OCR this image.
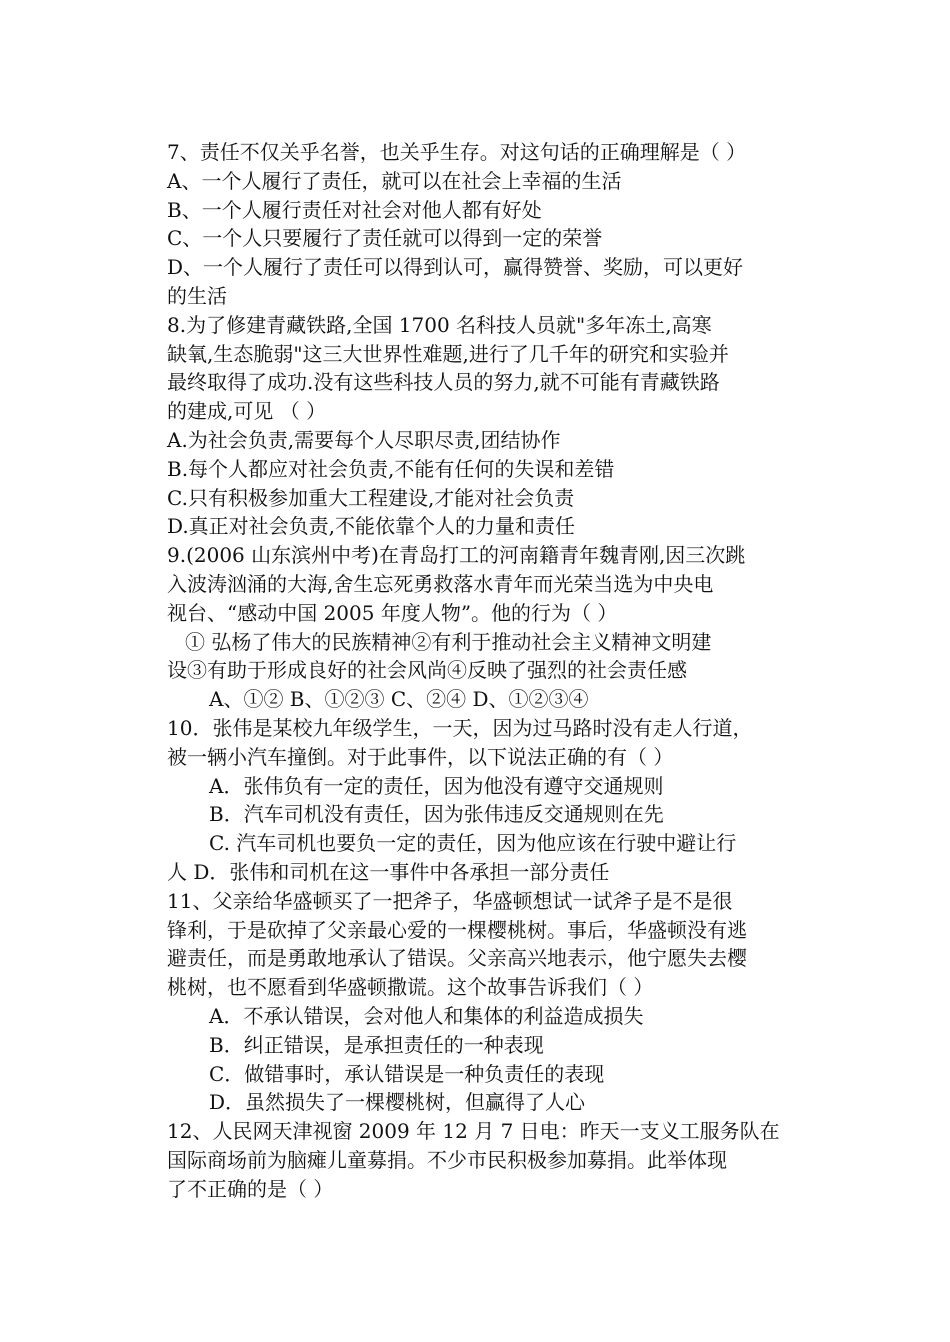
7、责任不仅关乎名誉，也关乎生存。对这句话的正确理解是（ ）
A、一个人履行了责任，就可以在社会上幸福的生活
B、一个人履行责任对社会对他人都有好处
C、一个人只要履行了责任就可以得到一定的荣誉
D、一个人履行了责任可以得到认可，赢得赞誉、奖励，可以更好
的生活
8.为了修建青藏铁路,全国 1700 名科技人员就"多年冻土,高寒
缺氧,生态脆弱"这三大世界性难题,进行了几千年的研究和实验并
最终取得了成功.没有这些科技人员的努力,就不可能有青藏铁路
的建成,可见 （ ）
A.为社会负责,需要每个人尽职尽责,团结协作
B.每个人都应对社会负责,不能有任何的失误和差错
C.只有积极参加重大工程建设,才能对社会负责
D.真正对社会负责,不能依靠个人的力量和责任
9.(2006 山东滨州中考)在青岛打工的河南籍青年魏青刚,因三次跳
入波涛汹涌的大海,舍生忘死勇救落水青年而光荣当选为中央电
视台、“感动中国 2005 年度人物”。他的行为（ ）
① 弘杨了伟大的民族精神②有利于推动社会主义精神文明建
设③有助于形成良好的社会风尚④反映了强烈的社会责任感
A、①② B、①②③ C、②④ D、①②③④
10．张伟是某校九年级学生，一天，因为过马路时没有走人行道，
被一辆小汽车撞倒。对于此事件，以下说法正确的有（ ）
A．张伟负有一定的责任，因为他没有遵守交通规则
B．汽车司机没有责任，因为张伟违反交通规则在先
C. 汽车司机也要负一定的责任，因为他应该在行驶中避让行
人 D．张伟和司机在这一事件中各承担一部分责任
11、父亲给华盛顿买了一把斧子，华盛顿想试一试斧子是不是很
锋利，于是砍掉了父亲最心爱的一棵樱桃树。事后，华盛顿没有逃
避责任，而是勇敢地承认了错误。父亲高兴地表示，他宁愿失去樱
桃树，也不愿看到华盛顿撒谎。这个故事告诉我们（ ）
A．不承认错误，会对他人和集体的利益造成损失
B．纠正错误，是承担责任的一种表现
C．做错事时，承认错误是一种负责任的表现
D．虽然损失了一棵樱桃树，但赢得了人心
12、人民网天津视窗 2009 年 12 月 7 日电：昨天一支义工服务队在
国际商场前为脑瘫儿童募捐。不少市民积极参加募捐。此举体现
了不正确的是（ ）
